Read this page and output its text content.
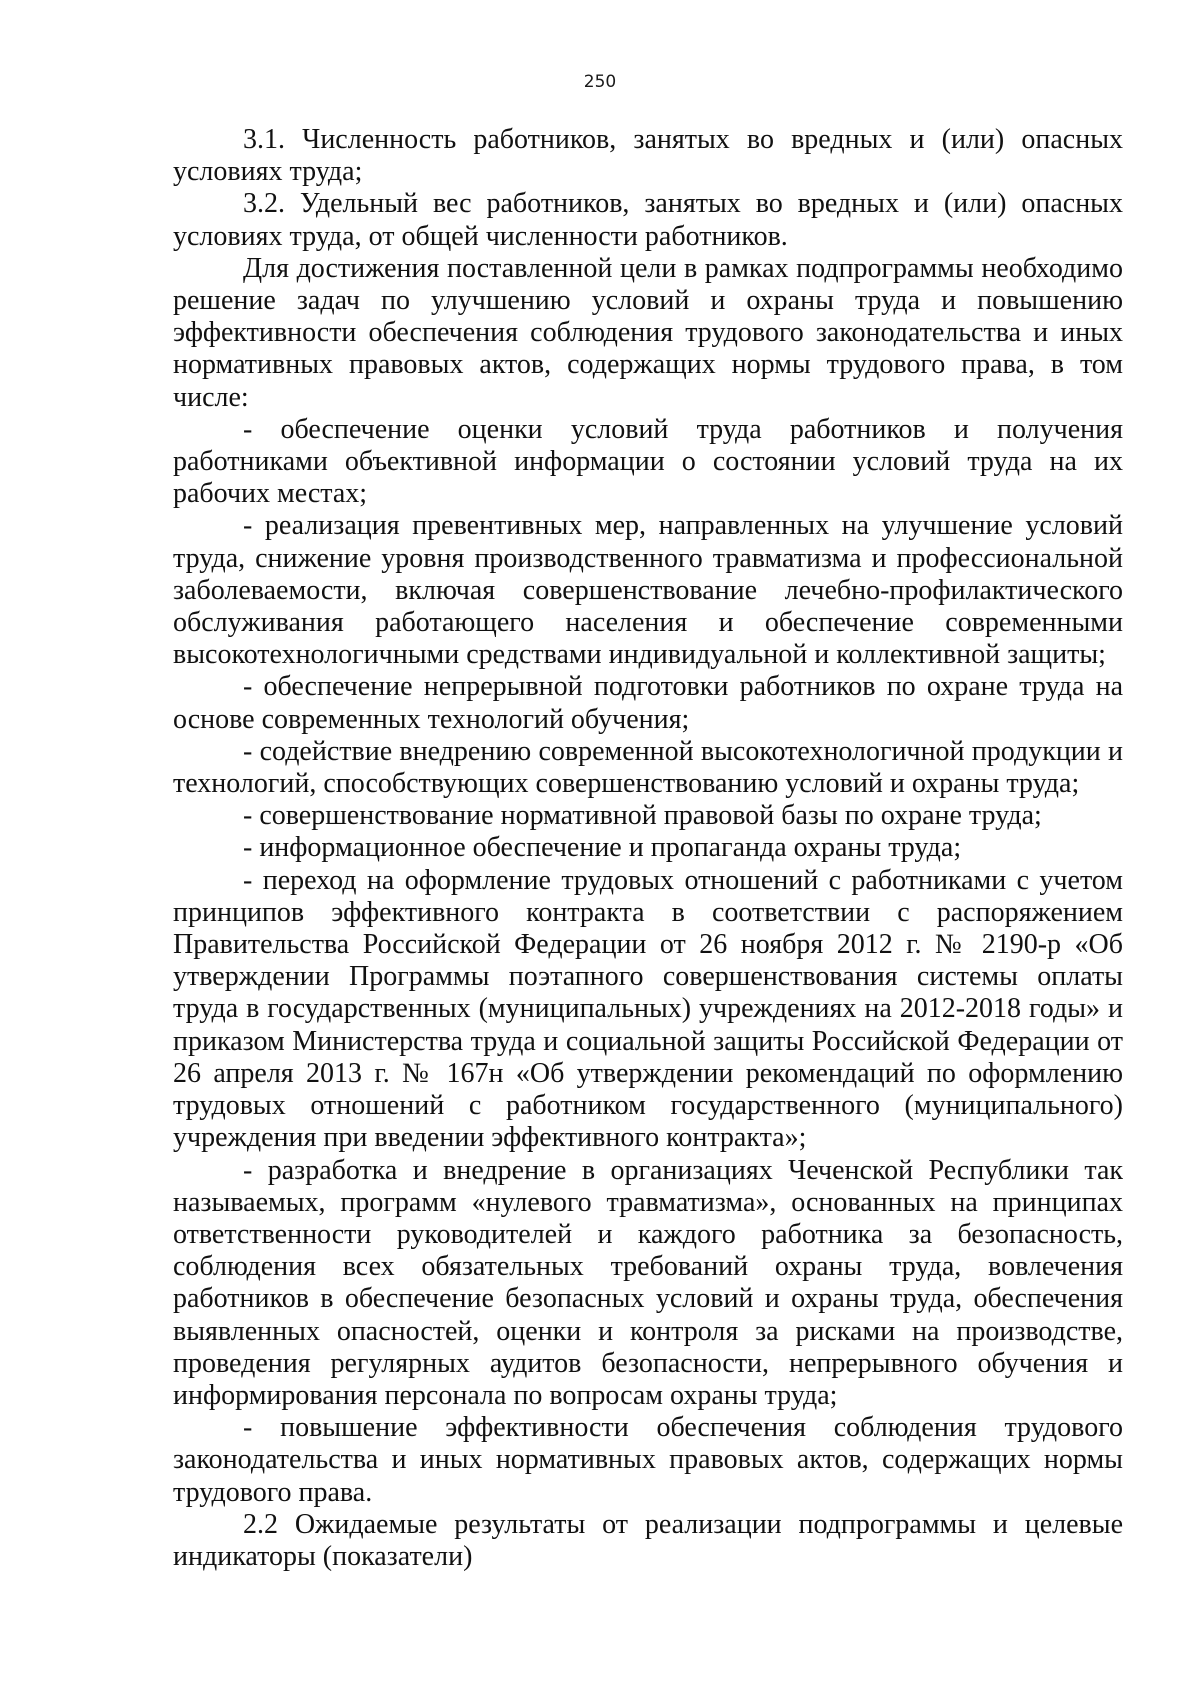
250

3.1. Численность работников, занятых во вредных и (или) опасных условиях труда;

3.2. Удельный вес работников, занятых во вредных и (или) опасных условиях труда, от общей численности работников.

Для достижения поставленной цели в рамках подпрограммы необходимо решение задач по улучшению условий и охраны труда и повышению эффективности обеспечения соблюдения трудового законодательства и иных нормативных правовых актов, содержащих нормы трудового права, в том числе:

- обеспечение оценки условий труда работников и получения работниками объективной информации о состоянии условий труда на их рабочих местах;

- реализация превентивных мер, направленных на улучшение условий труда, снижение уровня производственного травматизма и профессиональной заболеваемости, включая совершенствование лечебно-профилактического обслуживания работающего населения и обеспечение современными высокотехнологичными средствами индивидуальной и коллективной защиты;

- обеспечение непрерывной подготовки работников по охране труда на основе современных технологий обучения;

- содействие внедрению современной высокотехнологичной продукции и технологий, способствующих совершенствованию условий и охраны труда;

- совершенствование нормативной правовой базы по охране труда;

- информационное обеспечение и пропаганда охраны труда;

- переход на оформление трудовых отношений с работниками с учетом принципов эффективного контракта в соответствии с распоряжением Правительства Российской Федерации от 26 ноября 2012 г. № 2190-р «Об утверждении Программы поэтапного совершенствования системы оплаты труда в государственных (муниципальных) учреждениях на 2012-2018 годы» и приказом Министерства труда и социальной защиты Российской Федерации от 26 апреля 2013 г. № 167н «Об утверждении рекомендаций по оформлению трудовых отношений с работником государственного (муниципального) учреждения при введении эффективного контракта»;

- разработка и внедрение в организациях Чеченской Республики так называемых, программ «нулевого травматизма», основанных на принципах ответственности руководителей и каждого работника за безопасность, соблюдения всех обязательных требований охраны труда, вовлечения работников в обеспечение безопасных условий и охраны труда, обеспечения выявленных опасностей, оценки и контроля за рисками на производстве, проведения регулярных аудитов безопасности, непрерывного обучения и информирования персонала по вопросам охраны труда;

- повышение эффективности обеспечения соблюдения трудового законодательства и иных нормативных правовых актов, содержащих нормы трудового права.

2.2 Ожидаемые результаты от реализации подпрограммы и целевые индикаторы (показатели)
